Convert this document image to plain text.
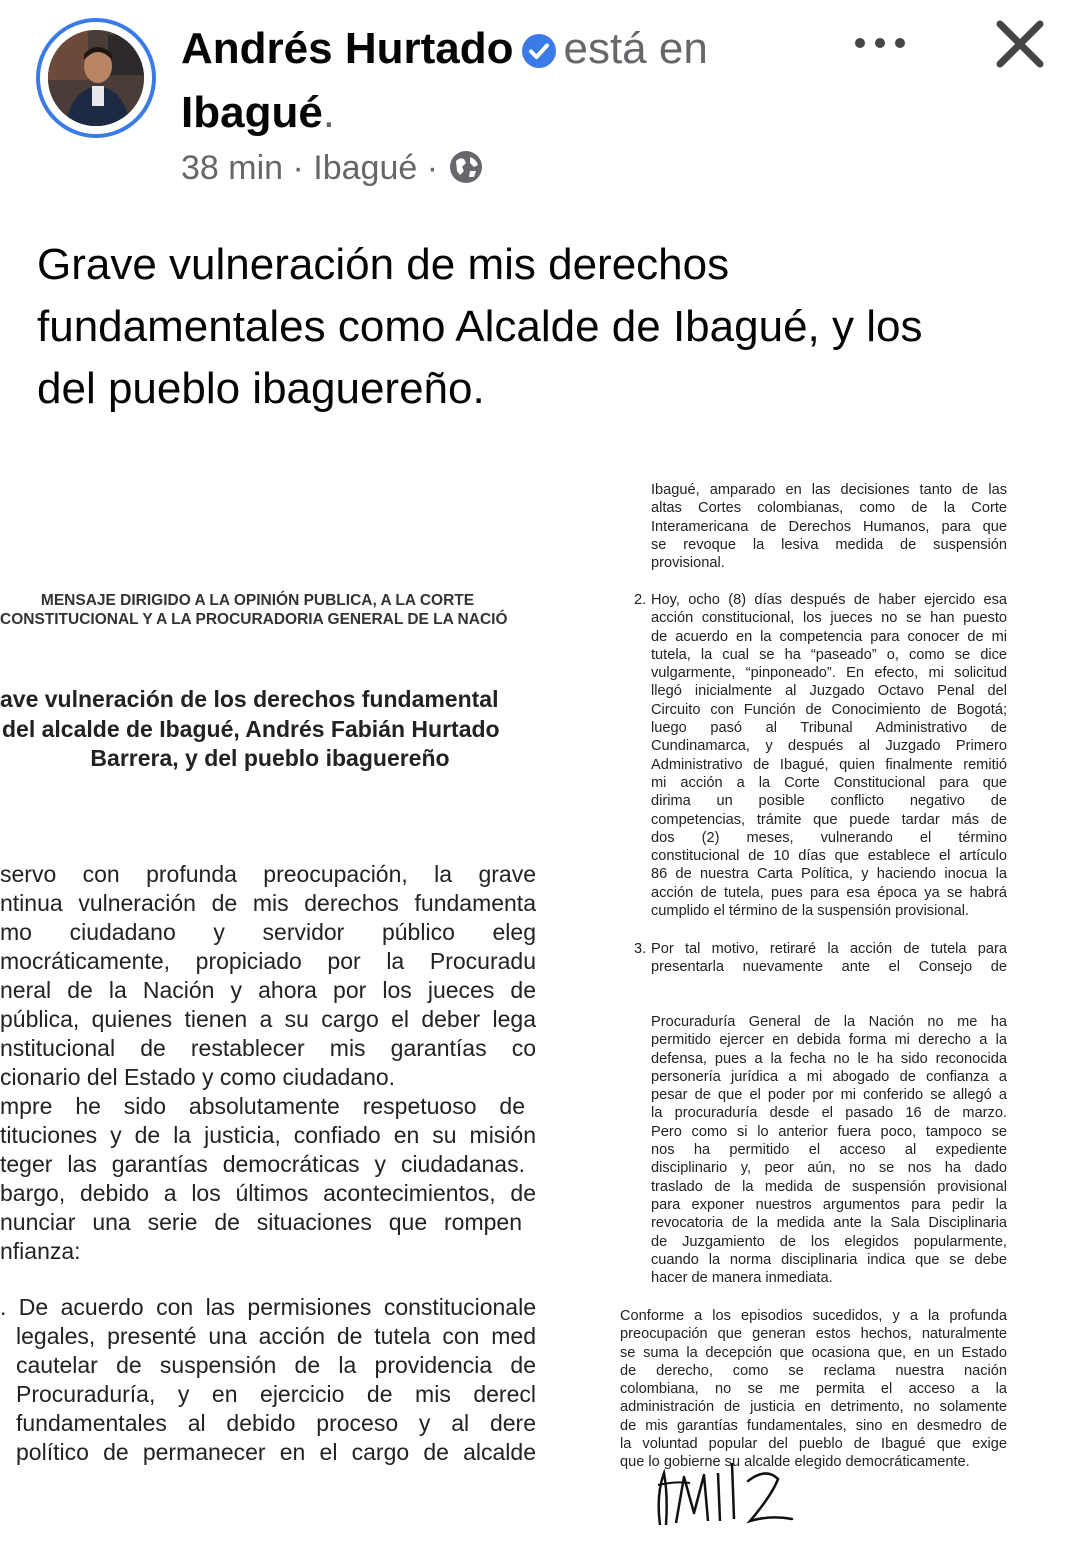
Andrés Hurtado está en
Ibagué.
38 min · Ibagué ·
Grave vulneración de mis derechos
fundamentales como Alcalde de Ibagué, y los
del pueblo ibaguereño.
MENSAJE DIRIGIDO A LA OPINIÓN PUBLICA, A LA CORTE
CONSTITUCIONAL Y A LA PROCURADORIA GENERAL DE LA NACIÓ
ave vulneración de los derechos fundamental
del alcalde de Ibagué, Andrés Fabián Hurtado
Barrera, y del pueblo ibaguereño
servo con profunda preocupación, la grave
ntinua vulneración de mis derechos fundamenta
mo ciudadano y servidor público eleg
mocráticamente, propiciado por la Procuradu
neral de la Nación y ahora por los jueces de
pública, quienes tienen a su cargo el deber lega
nstitucional de restablecer mis garantías co
cionario del Estado y como ciudadano.
mpre he sido absolutamente respetuoso de
tituciones y de la justicia, confiado en su misión
teger las garantías democráticas y ciudadanas.
bargo, debido a los últimos acontecimientos, de
nunciar una serie de situaciones que rompen
nfianza:
. De acuerdo con las permisiones constitucionale
legales, presenté una acción de tutela con med
cautelar de suspensión de la providencia de
Procuraduría, y en ejercicio de mis derecl
fundamentales al debido proceso y al dere
político de permanecer en el cargo de alcalde
Ibagué, amparado en las decisiones tanto de las
altas Cortes colombianas, como de la Corte
Interamericana de Derechos Humanos, para que
se revoque la lesiva medida de suspensión
provisional.
2. Hoy, ocho (8) días después de haber ejercido esa
acción constitucional, los jueces no se han puesto
de acuerdo en la competencia para conocer de mi
tutela, la cual se ha “paseado” o, como se dice
vulgarmente, “pinponeado”. En efecto, mi solicitud
llegó inicialmente al Juzgado Octavo Penal del
Circuito con Función de Conocimiento de Bogotá;
luego pasó al Tribunal Administrativo de
Cundinamarca, y después al Juzgado Primero
Administrativo de Ibagué, quien finalmente remitió
mi acción a la Corte Constitucional para que
dirima un posible conflicto negativo de
competencias, trámite que puede tardar más de
dos (2) meses, vulnerando el término
constitucional de 10 días que establece el artículo
86 de nuestra Carta Política, y haciendo inocua la
acción de tutela, pues para esa época ya se habrá
cumplido el término de la suspensión provisional.
3. Por tal motivo, retiraré la acción de tutela para
presentarla nuevamente ante el Consejo de
Procuraduría General de la Nación no me ha
permitido ejercer en debida forma mi derecho a la
defensa, pues a la fecha no le ha sido reconocida
personería jurídica a mi abogado de confianza a
pesar de que el poder por mi conferido se allegó a
la procuraduría desde el pasado 16 de marzo.
Pero como si lo anterior fuera poco, tampoco se
nos ha permitido el acceso al expediente
disciplinario y, peor aún, no se nos ha dado
traslado de la medida de suspensión provisional
para exponer nuestros argumentos para pedir la
revocatoria de la medida ante la Sala Disciplinaria
de Juzgamiento de los elegidos popularmente,
cuando la norma disciplinaria indica que se debe
hacer de manera inmediata.
Conforme a los episodios sucedidos, y a la profunda
preocupación que generan estos hechos, naturalmente
se suma la decepción que ocasiona que, en un Estado
de derecho, como se reclama nuestra nación
colombiana, no se me permita el acceso a la
administración de justicia en detrimento, no solamente
de mis garantías fundamentales, sino en desmedro de
la voluntad popular del pueblo de Ibagué que exige
que lo gobierne su alcalde elegido democráticamente.
